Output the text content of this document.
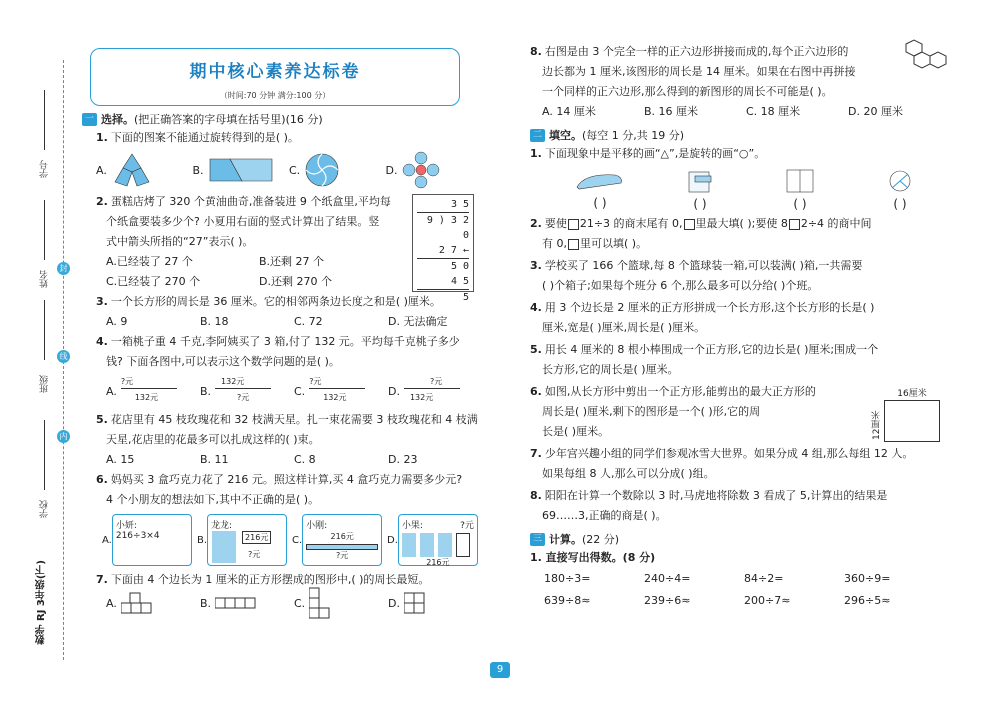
封
线
内
学号
姓名
班级
学校
数学 RJ 3年级(下)
期中核心素养达标卷
（时间:70 分钟 满分:100 分）
一 选择。 (把正确答案的字母填在括号里)(16 分)
1. 下面的图案不能通过旋转得到的是( )。
A.	B.	C.	D.
2. 蛋糕店烤了 320 个黄油曲奇,准备装进 9 个纸盒里,平均每
个纸盒要装多少个? 小夏用右面的竖式计算出了结果。竖
式中箭头所指的“27”表示( )。
A.已经装了 27 个	B.还剩 27 个
C.已经装了 270 个	D.还剩 270 个
3 5
9 ) 3 2 0
2 7 ←
5 0
4 5
5
3. 一个长方形的周长是 36 厘米。它的相邻两条边长度之和是( )厘米。
A. 9	B. 18	C. 72	D. 无法确定
4. 一箱桃子重 4 千克,李阿姨买了 3 箱,付了 132 元。平均每千克桃子多少
钱? 下面各图中,可以表示这个数学问题的是( )。
A.
?元
132元	B.
132元
?元	C.
?元
132元	D.
?元
132元
5. 花店里有 45 枝玫瑰花和 32 枝满天星。扎一束花需要 3 枝玫瑰花和 4 枝满
天星,花店里的花最多可以扎成这样的( )束。
A. 15	B. 11	C. 8	D. 23
6. 妈妈买 3 盒巧克力花了 216 元。照这样计算,买 4 盒巧克力需要多少元?
4 个小朋友的想法如下,其中不正确的是( )。
A.
小妍:
216÷3×4	B.
龙龙:
216元
?元
C.
小刚:
216元
?元
D.
小果:	?元
216元
7. 下面由 4 个边长为 1 厘米的正方形摆成的图形中,( )的周长最短。
A.	B.	C.	D.
8. 右图是由 3 个完全一样的正六边形拼接而成的,每个正六边形的
边长都为 1 厘米,该图形的周长是 14 厘米。如果在右图中再拼接
一个同样的正六边形,那么得到的新图形的周长不可能是( )。
A. 14 厘米	B. 16 厘米	C. 18 厘米	D. 20 厘米
二 填空。 (每空 1 分,共 19 分)
1. 下面现象中是平移的画“△”,是旋转的画“○”。
( )	( )	( )	( )
2. 要使 21÷3 的商末尾有 0, 里最大填( );要使 8 2÷4 的商中间
有 0, 里可以填( )。
3. 学校买了 166 个篮球,每 8 个篮球装一箱,可以装满( )箱,一共需要
( )个箱子;如果每个班分 6 个,那么最多可以分给( )个班。
4. 用 3 个边长是 2 厘米的正方形拼成一个长方形,这个长方形的长是( )
厘米,宽是( )厘米,周长是( )厘米。
5. 用长 4 厘米的 8 根小棒围成一个正方形,它的边长是( )厘米;围成一个
长方形,它的周长是( )厘米。
6. 如图,从长方形中剪出一个正方形,能剪出的最大正方形的
周长是( )厘米,剩下的图形是一个( )形,它的周
长是( )厘米。
16厘米
12厘米
7. 少年宫兴趣小组的同学们参观冰雪大世界。如果分成 4 组,那么每组 12 人。
如果每组 8 人,那么可以分成( )组。
8. 阳阳在计算一个数除以 3 时,马虎地将除数 3 看成了 5,计算出的结果是
69……3,正确的商是( )。
三 计算。 (22 分)
1. 直接写出得数。(8 分)
180÷3=	240÷4=	84÷2=	360÷9=
639÷8≈	239÷6≈	200÷7≈	296÷5≈
9
